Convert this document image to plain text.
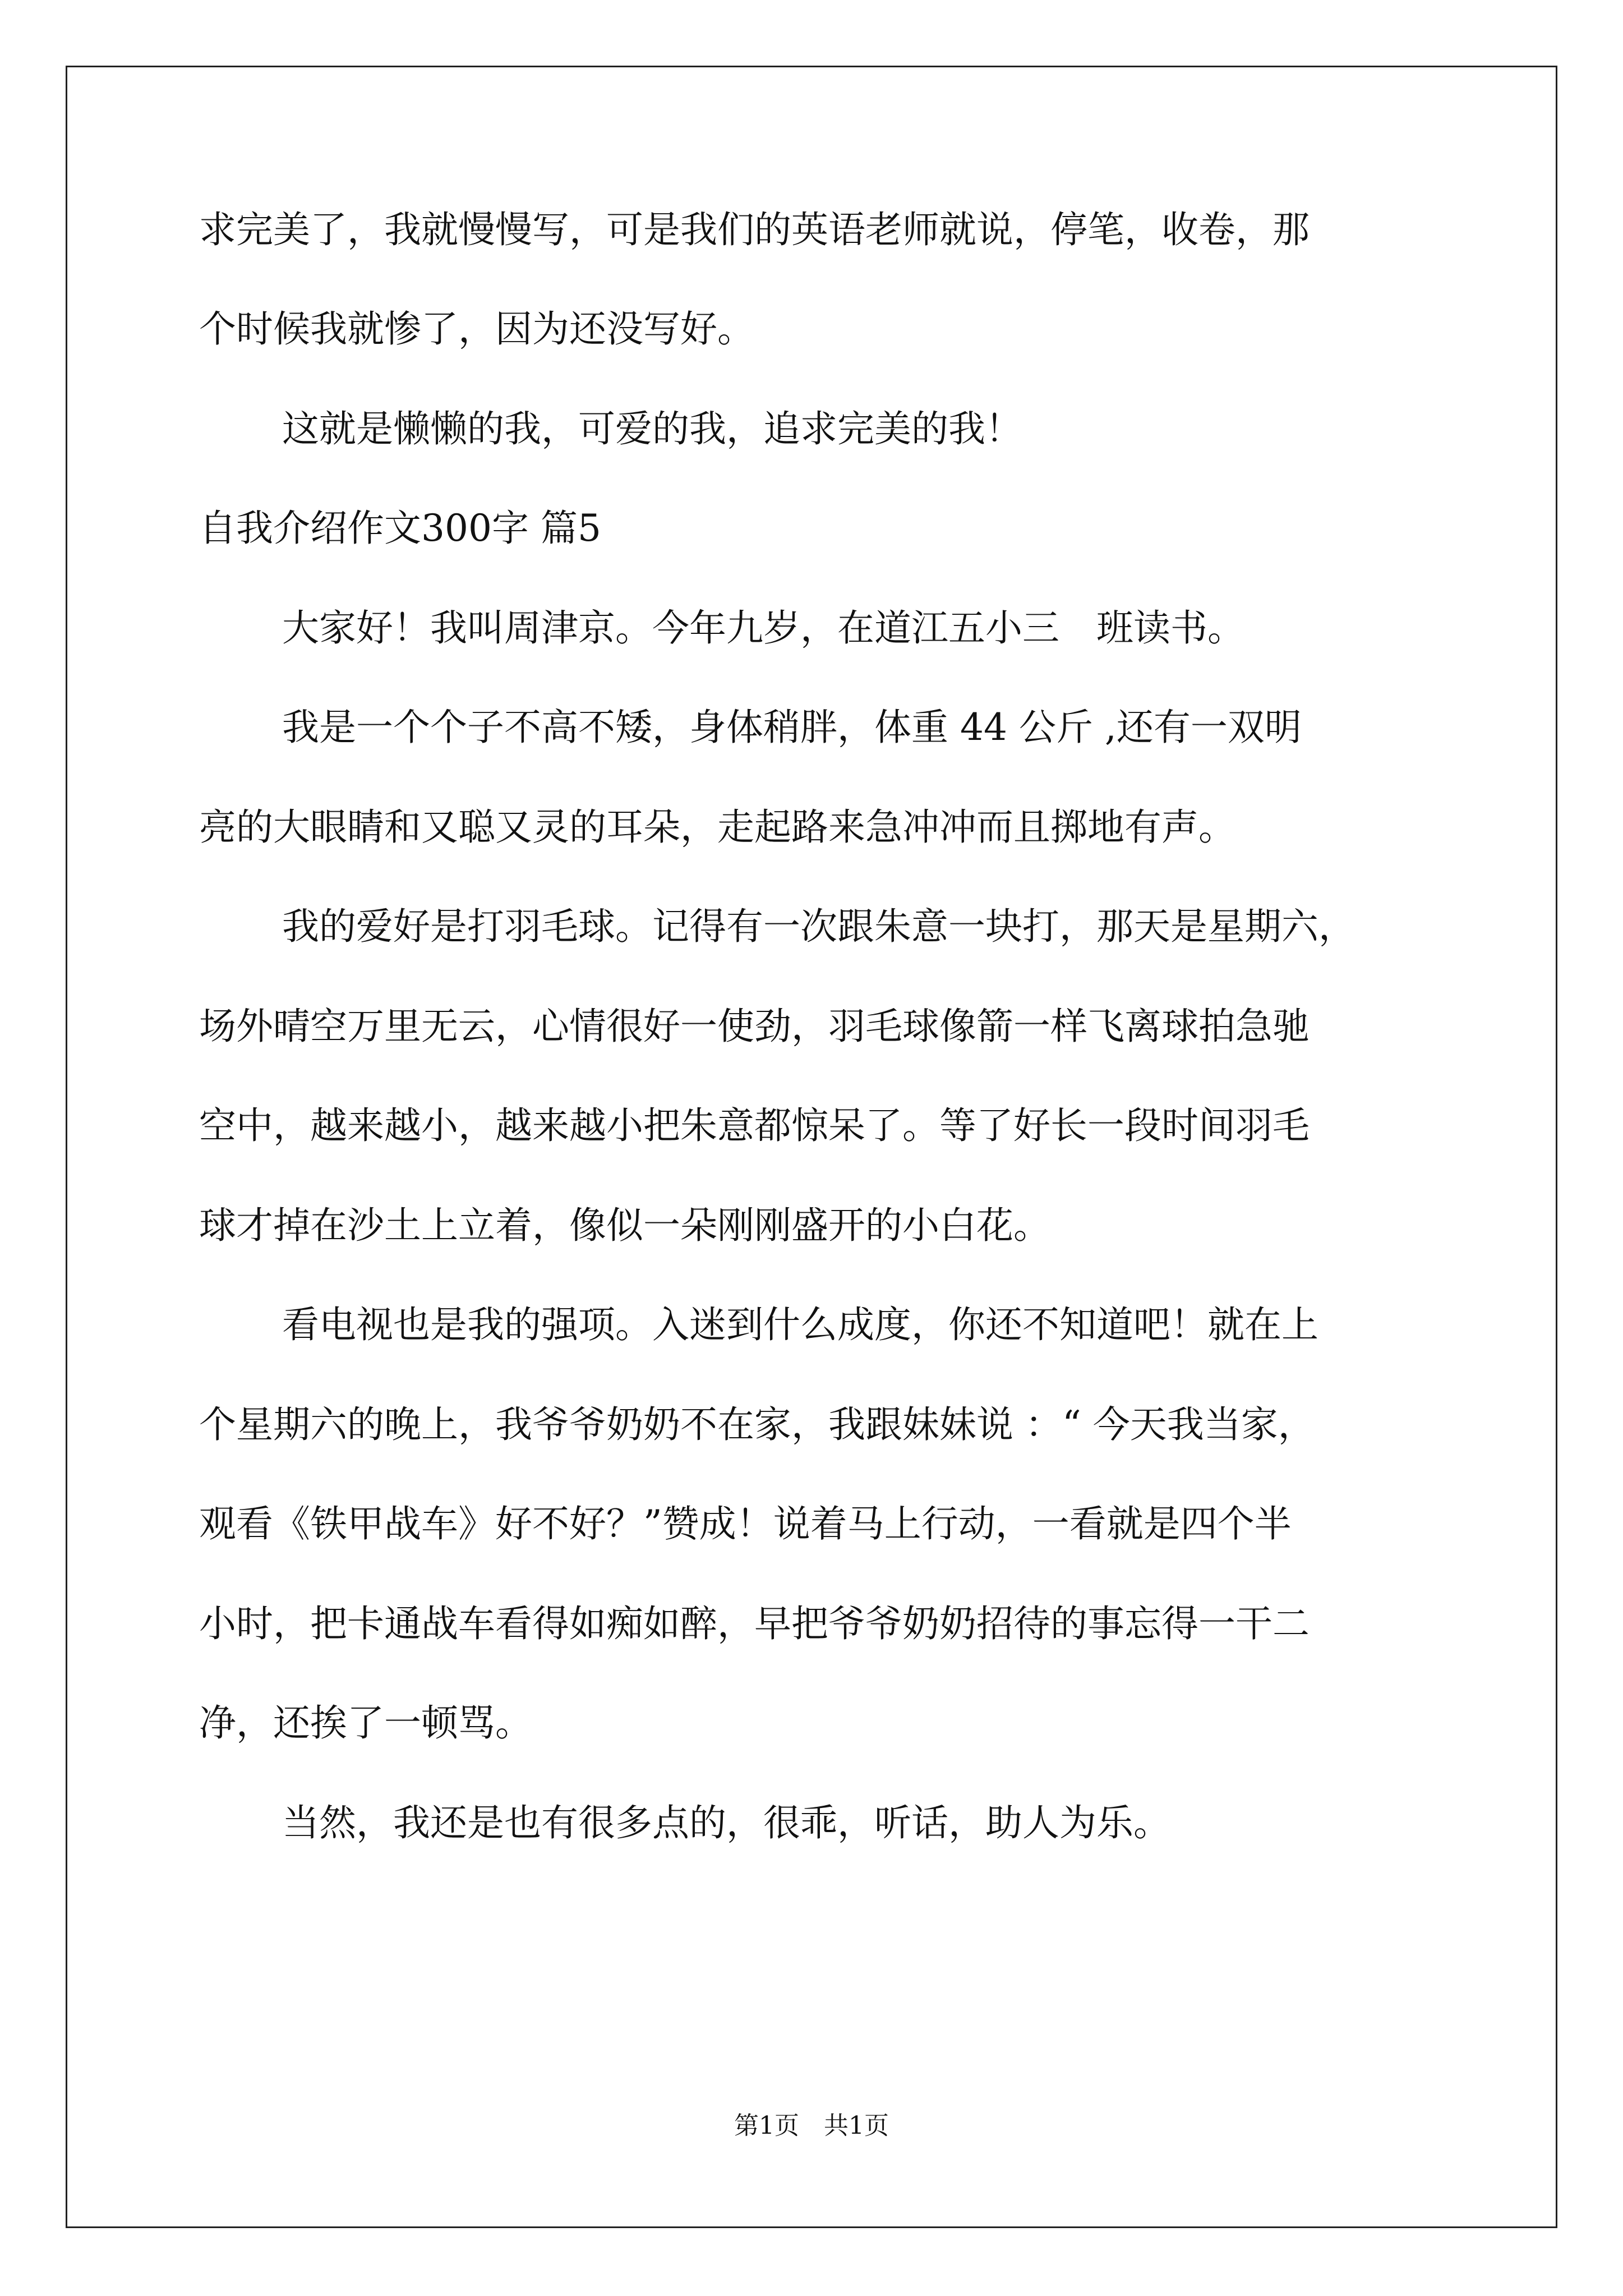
求完美了，我就慢慢写，可是我们的英语老师就说，停笔，收卷，那
个时候我就惨了，因为还没写好。
这就是懒懒的我，可爱的我，追求完美的我！
自我介绍作文300字 篇5
大家好！我叫周津京。今年九岁，在道江五小三　班读书。
我是一个个子不高不矮，身体稍胖，体重 44 公斤 ,还有一双明
亮的大眼睛和又聪又灵的耳朵，走起路来急冲冲而且掷地有声。
我的爱好是打羽毛球。记得有一次跟朱意一块打，那天是星期六，
场外晴空万里无云，心情很好一使劲，羽毛球像箭一样飞离球拍急驰
空中，越来越小，越来越小把朱意都惊呆了。等了好长一段时间羽毛
球才掉在沙土上立着，像似一朵刚刚盛开的小白花。
看电视也是我的强项。入迷到什么成度，你还不知道吧！就在上
个星期六的晚上，我爷爷奶奶不在家，我跟妹妹说 ：“ 今天我当家，
观看《铁甲战车》好不好？”赞成！说着马上行动，一看就是四个半
小时，把卡通战车看得如痴如醉，早把爷爷奶奶招待的事忘得一干二
净，还挨了一顿骂。
当然，我还是也有很多点的，很乖，听话，助人为乐。
第1页　共1页
